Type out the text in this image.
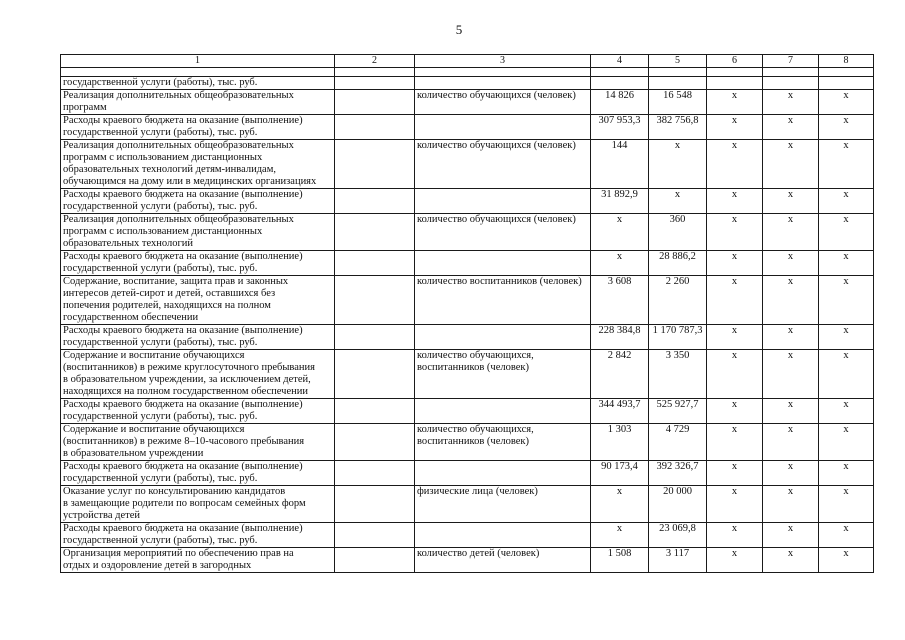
5
1	2	3	4	5	6	7	8

государственной услуги (работы), тыс. руб.							

Реализация дополнительных общеобразовательных
программ		количество обучающихся (человек)	14 826	16 548	х	х	х

Расходы краевого бюджета на оказание (выполнение)
государственной услуги (работы), тыс. руб.			307 953,3	382 756,8	х	х	х

Реализация дополнительных общеобразовательных
программ с использованием дистанционных
образовательных технологий детям-инвалидам,
обучающимся на дому или в медицинских организациях		количество обучающихся (человек)	144	х	х	х	х

Расходы краевого бюджета на оказание (выполнение)
государственной услуги (работы), тыс. руб.			31 892,9	х	х	х	х

Реализация дополнительных общеобразовательных
программ с использованием дистанционных
образовательных технологий		количество обучающихся (человек)	х	360	х	х	х

Расходы краевого бюджета на оказание (выполнение)
государственной услуги (работы), тыс. руб.			х	28 886,2	х	х	х

Содержание, воспитание, защита прав и законных
интересов детей-сирот и детей, оставшихся без
попечения родителей, находящихся на полном
государственном обеспечении		количество воспитанников (человек)	3 608	2 260	х	х	х

Расходы краевого бюджета на оказание (выполнение)
государственной услуги (работы), тыс. руб.			228 384,8	1 170 787,3	х	х	х

Содержание и воспитание обучающихся
(воспитанников) в режиме круглосуточного пребывания
в образовательном учреждении, за исключением детей,
находящихся на полном государственном обеспечении		количество обучающихся,
воспитанников (человек)	2 842	3 350	х	х	х

Расходы краевого бюджета на оказание (выполнение)
государственной услуги (работы), тыс. руб.			344 493,7	525 927,7	х	х	х

Содержание и воспитание обучающихся
(воспитанников) в режиме 8–10-часового пребывания
в образовательном учреждении		количество обучающихся,
воспитанников (человек)	1 303	4 729	х	х	х

Расходы краевого бюджета на оказание (выполнение)
государственной услуги (работы), тыс. руб.			90 173,4	392 326,7	х	х	х

Оказание услуг по консультированию кандидатов
в замещающие родители по вопросам семейных форм
устройства детей		физические лица (человек)	х	20 000	х	х	х

Расходы краевого бюджета на оказание (выполнение)
государственной услуги (работы), тыс. руб.			х	23 069,8	х	х	х

Организация мероприятий по обеспечению прав на
отдых и оздоровление детей в загородных		количество детей (человек)	1 508	3 117	х	х	х
